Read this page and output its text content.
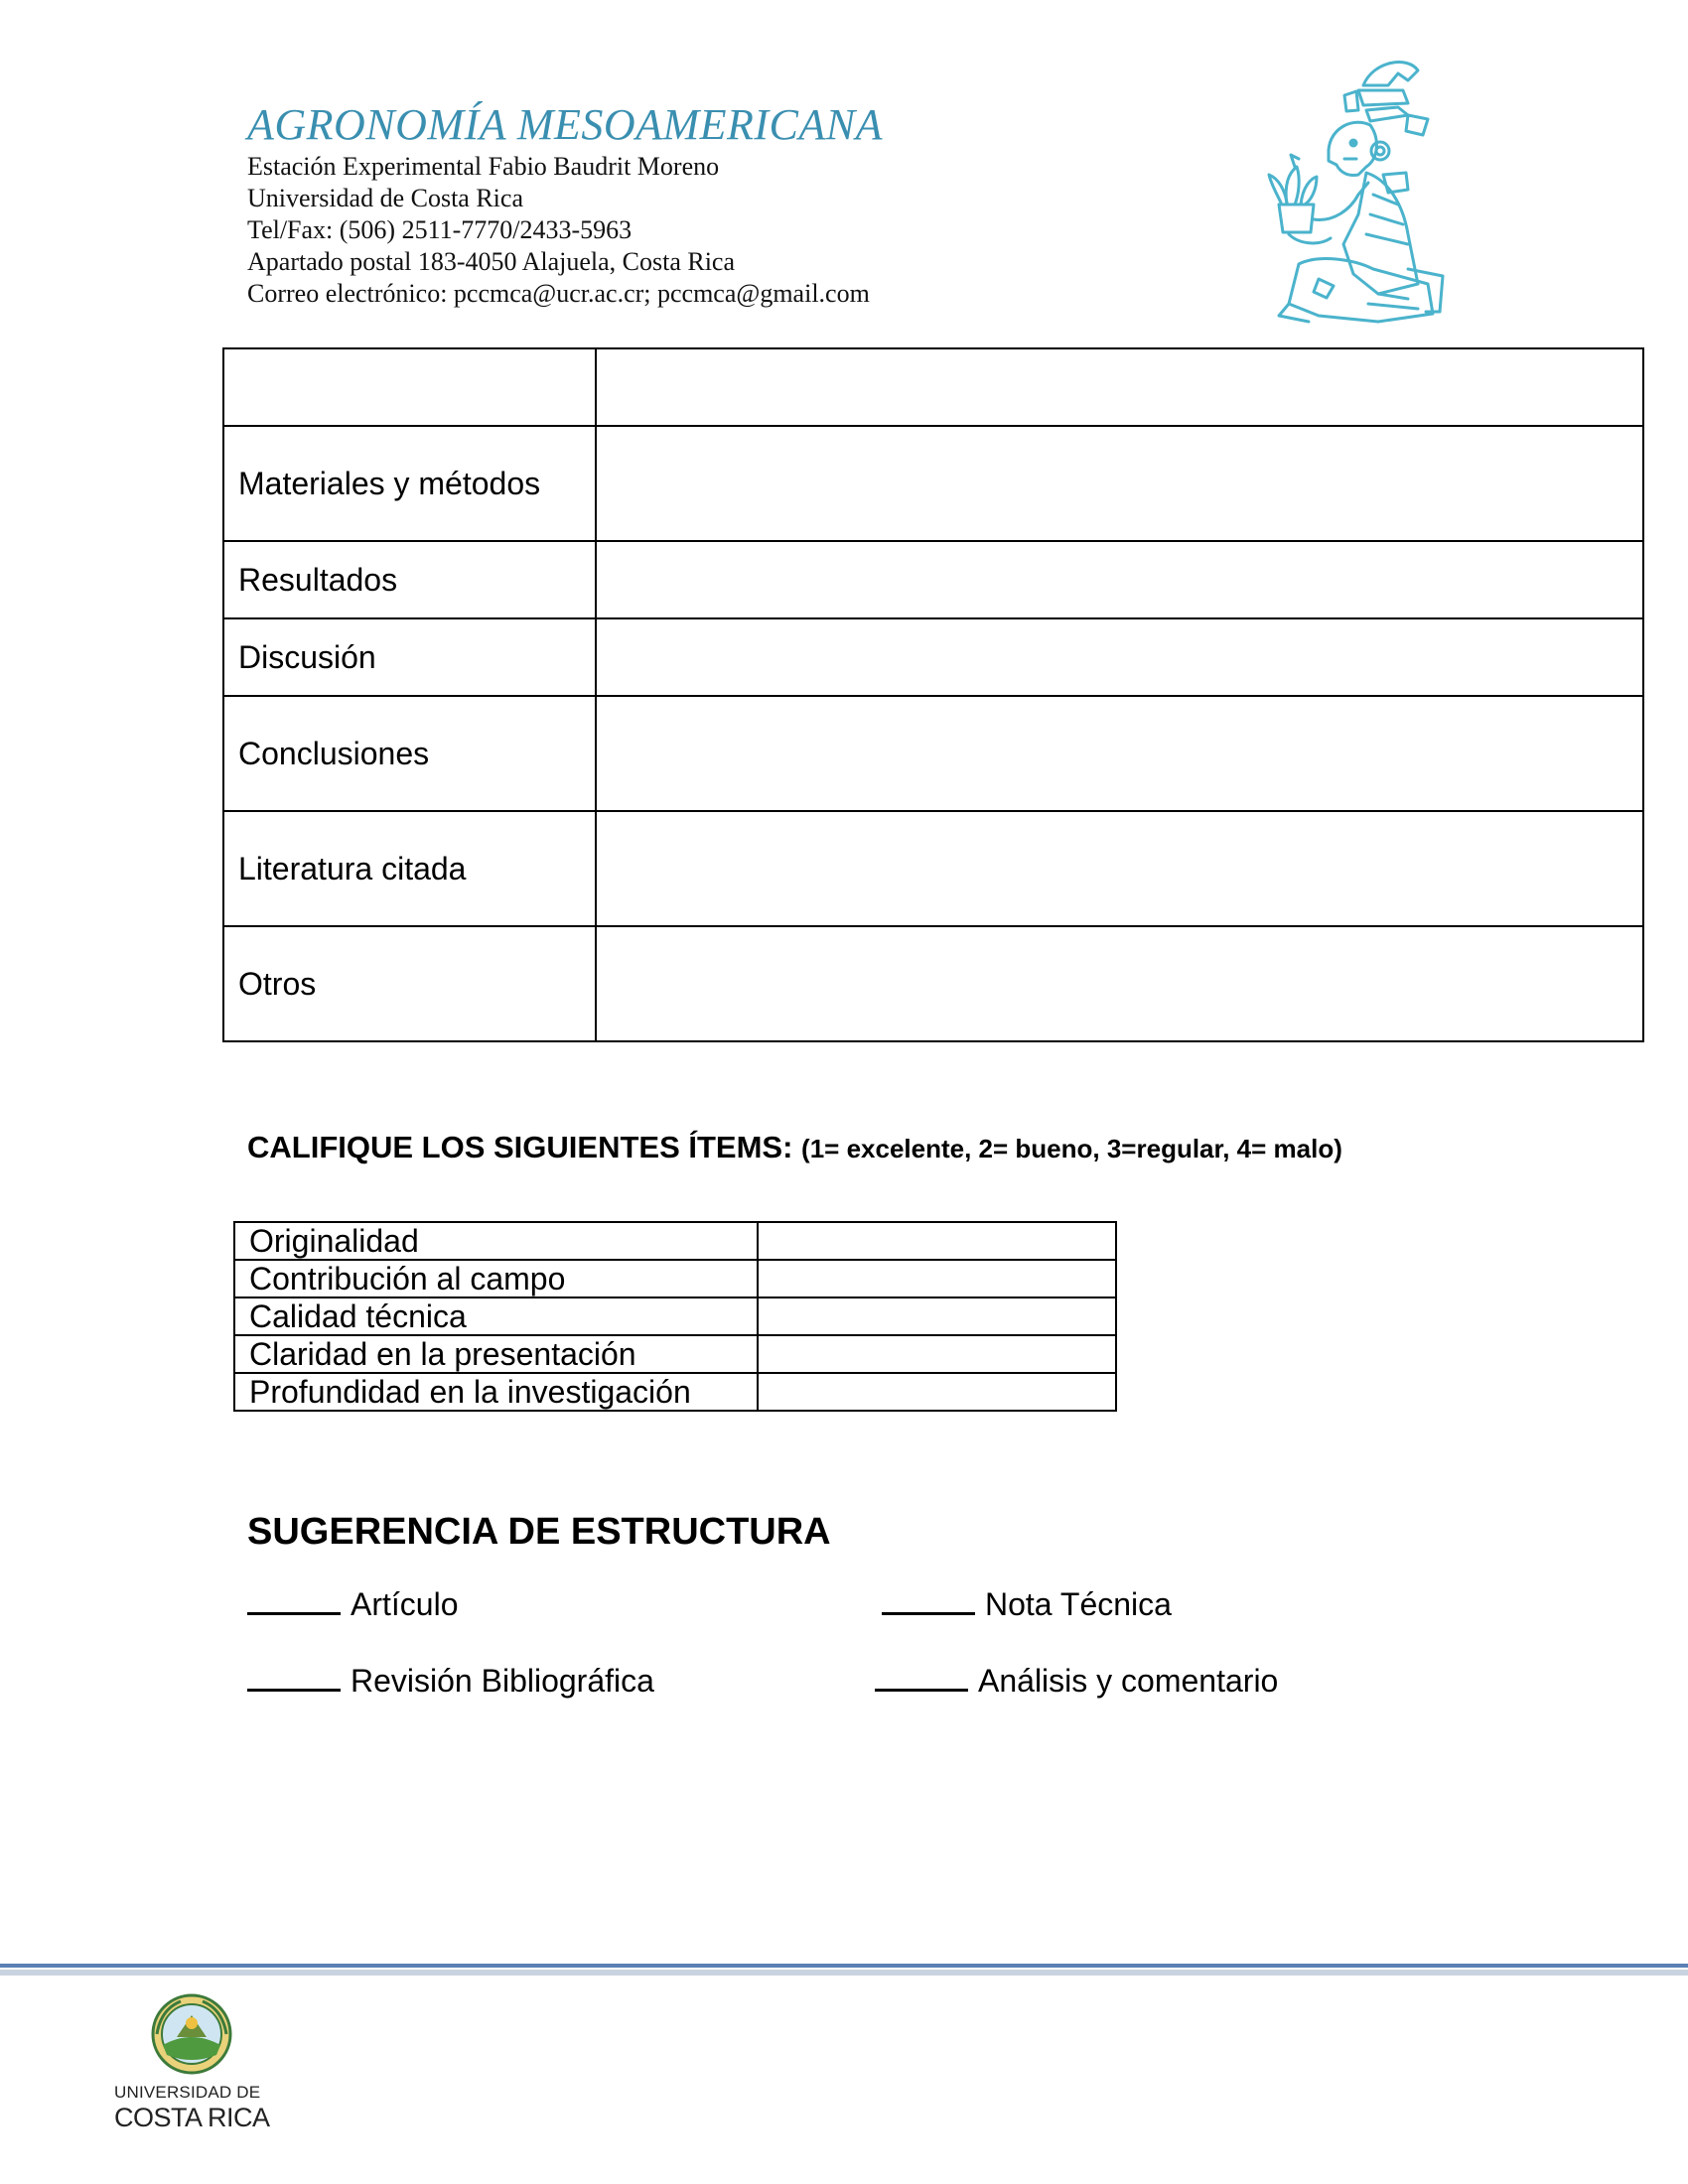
AGRONOMÍA MESOAMERICANA
Estación Experimental Fabio Baudrit Moreno
Universidad de Costa Rica
Tel/Fax: (506) 2511-7770/2433-5963
Apartado postal 183-4050 Alajuela, Costa Rica
Correo electrónico: pccmca@ucr.ac.cr; pccmca@gmail.com

Materiales y métodos	
Resultados	
Discusión	
Conclusiones	
Literatura citada	
Otros	
CALIFIQUE LOS SIGUIENTES ÍTEMS: (1= excelente, 2= bueno, 3=regular, 4= malo)
Originalidad	
Contribución al campo	
Calidad técnica	
Claridad en la presentación	
Profundidad en la investigación	
SUGERENCIA DE ESTRUCTURA
Artículo	Nota Técnica
Revisión Bibliográfica	Análisis y comentario
UNIVERSIDAD DE
COSTA RICA
